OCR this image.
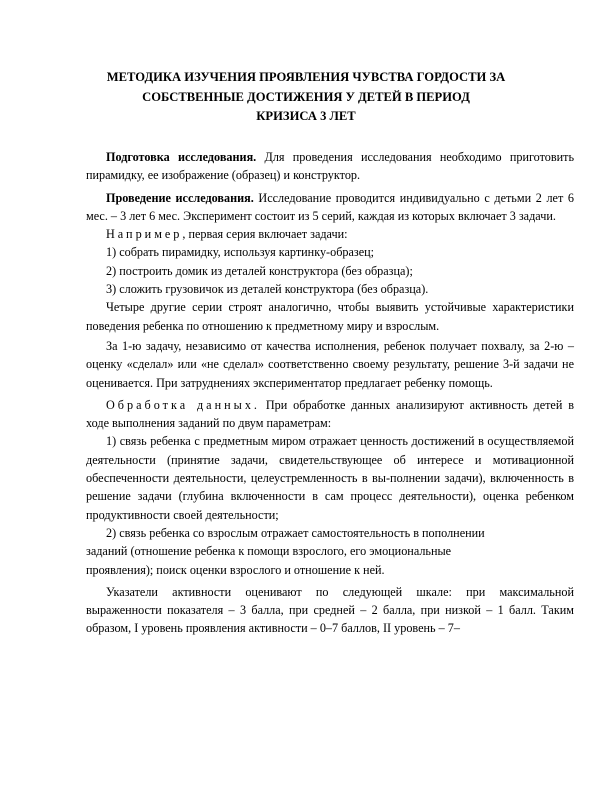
МЕТОДИКА ИЗУЧЕНИЯ ПРОЯВЛЕНИЯ ЧУВСТВА ГОРДОСТИ ЗА
СОБСТВЕННЫЕ ДОСТИЖЕНИЯ У ДЕТЕЙ В ПЕРИОД
КРИЗИСА 3 ЛЕТ

Подготовка исследования. Для проведения исследования необходимо приготовить пирамидку, ее изображение (образец) и конструктор.

Проведение исследования. Исследование проводится индивидуально с детьми 2 лет 6 мес. – 3 лет 6 мес. Эксперимент состоит из 5 серий, каждая из которых включает 3 задачи.

Например, первая серия включает задачи:

1) собрать пирамидку, используя картинку-образец;

2) построить домик из деталей конструктора (без образца);

3) сложить грузовичок из деталей конструктора (без образца).

Четыре другие серии строят аналогично, чтобы выявить устойчивые характеристики поведения ребенка по отношению к предметному миру и взрослым.

За 1-ю задачу, независимо от качества исполнения, ребенок получает похвалу, за 2-ю – оценку «сделал» или «не сделал» соответственно своему результату, решение 3-й задачи не оценивается. При затруднениях экспериментатор предлагает ребенку помощь.

Обработка данных. При обработке данных анализируют активность детей в ходе выполнения заданий по двум параметрам:

1) связь ребенка с предметным миром отражает ценность достижений в осуществляемой деятельности (принятие задачи, свидетельствующее об интересе и мотивационной обеспеченности деятельности, целеустремленность в вы-полнении задачи), включенность в решение задачи (глубина включенности в сам процесс деятельности), оценка ребенком продуктивности своей деятельности;

2) связь ребенка со взрослым отражает самостоятельность в пополнении

заданий (отношение ребенка к помощи взрослого, его эмоциональные
проявления); поиск оценки взрослого и отношение к ней.

Указатели активности оценивают по следующей шкале: при максимальной выраженности показателя – 3 балла, при средней – 2 балла, при низкой – 1 балл. Таким образом, I уровень проявления активности – 0–7 баллов, II уровень – 7–
